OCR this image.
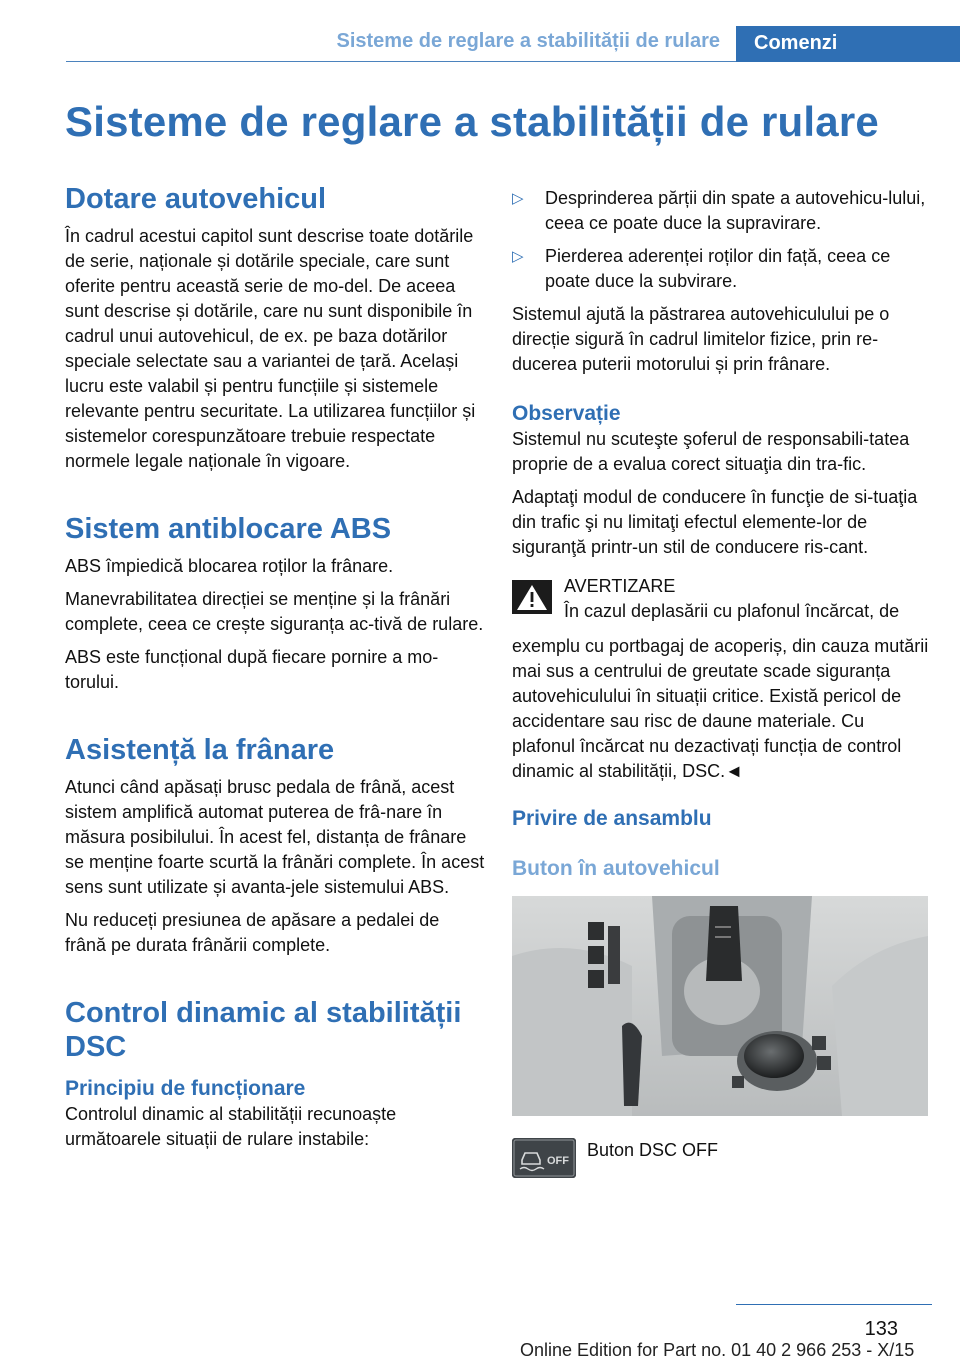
Sisteme de reglare a stabilității de rulare	Comenzi
Sisteme de reglare a stabilității de rulare
Dotare autovehicul

În cadrul acestui capitol sunt descrise toate dotările de serie, naționale și dotările speciale, care sunt oferite pentru această serie de mo‐del. De aceea sunt descrise și dotările, care nu sunt disponibile în cadrul unui autovehicul, de ex. pe baza dotărilor speciale selectate sau a variantei de țară. Același lucru este valabil și pentru funcțiile și sistemele relevante pentru securitate. La utilizarea funcțiilor și sistemelor corespunzătoare trebuie respectate normele legale naționale în vigoare.

Sistem antiblocare ABS

ABS împiedică blocarea roților la frânare.

Manevrabilitatea direcției se menține și la frânări complete, ceea ce crește siguranța ac‐tivă de rulare.

ABS este funcțional după fiecare pornire a mo‐torului.

Asistență la frânare

Atunci când apăsați brusc pedala de frână, acest sistem amplifică automat puterea de frâ‐nare în măsura posibilului. În acest fel, distanța de frânare se menține foarte scurtă la frânări complete. În acest sens sunt utilizate și avanta‐jele sistemului ABS.

Nu reduceți presiunea de apăsare a pedalei de frână pe durata frânării complete.

Control dinamic al stabilității DSC
Principiu de funcționare

Controlul dinamic al stabilității recunoaște următoarele situații de rulare instabile:

▷ Desprinderea părții din spate a autovehicu‐lului, ceea ce poate duce la supravirare.
▷ Pierderea aderenței roților din față, ceea ce poate duce la subvirare.

Sistemul ajută la păstrarea autovehiculului pe o direcție sigură în cadrul limitelor fizice, prin re‐ducerea puterii motorului și prin frânare.

Observație

Sistemul nu scuteşte şoferul de responsabili‐tatea proprie de a evalua corect situaţia din tra‐fic.

Adaptaţi modul de conducere în funcţie de si‐tuaţia din trafic şi nu limitaţi efectul elemente‐lor de siguranţă printr-un stil de conducere ris‐cant.

AVERTIZARE
În cazul deplasării cu plafonul încărcat, de

exemplu cu portbagaj de acoperiș, din cauza mutării mai sus a centrului de greutate scade siguranța autovehiculului în situații critice. Există pericol de accidentare sau risc de daune materiale. Cu plafonul încărcat nu dezactivați funcția de control dinamic al stabilității, DSC.◄

Privire de ansamblu
Buton în autovehicul
OFF
Buton DSC OFF
133
Online Edition for Part no. 01 40 2 966 253 - X/15
